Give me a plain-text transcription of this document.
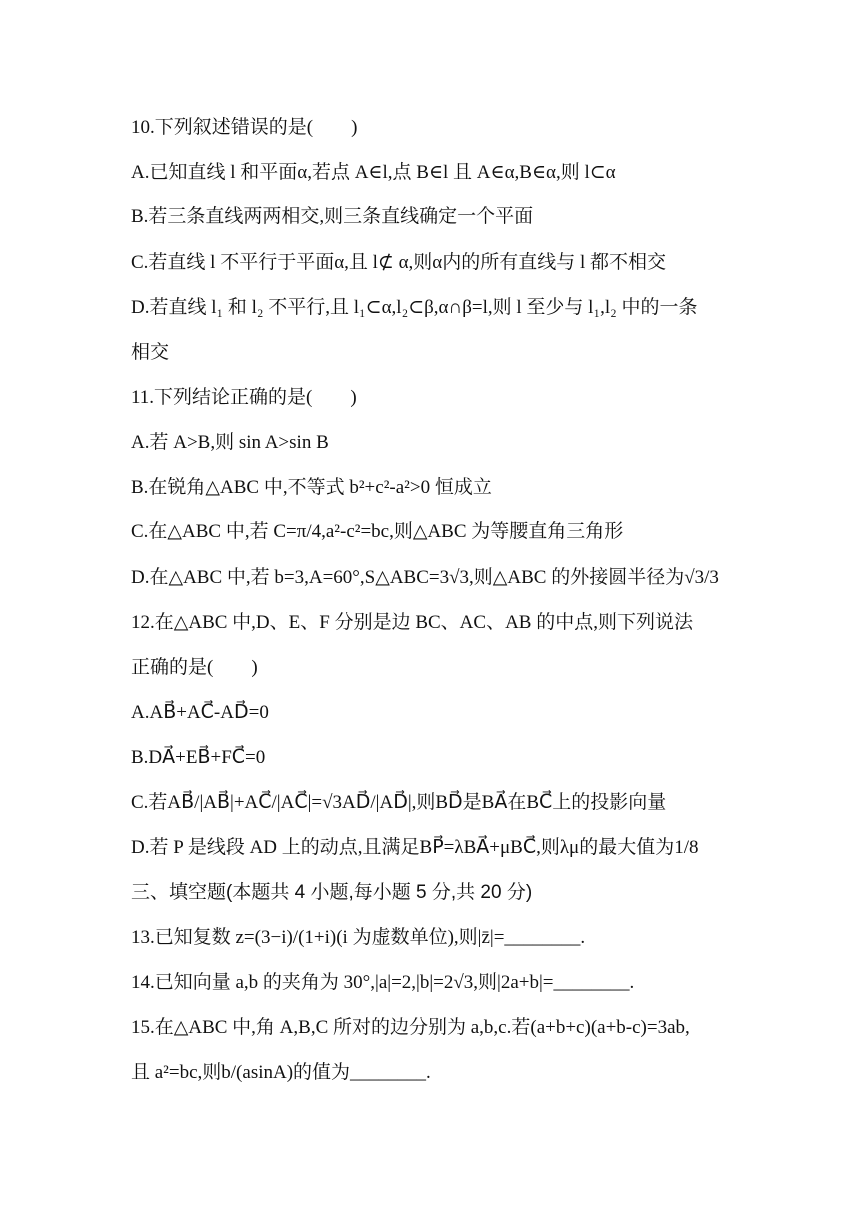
10.下列叙述错误的是(　　)
A.已知直线 l 和平面α,若点 A∈l,点 B∈l 且 A∈α,B∈α,则 l⊂α
B.若三条直线两两相交,则三条直线确定一个平面
C.若直线 l 不平行于平面α,且 l⊄ α,则α内的所有直线与 l 都不相交
D.若直线 l₁ 和 l₂ 不平行,且 l₁⊂α,l₂⊂β,α∩β=l,则 l 至少与 l₁,l₂ 中的一条
相交
11.下列结论正确的是(　　)
A.若 A>B,则 sin A>sin B
B.在锐角△ABC 中,不等式 b²+c²-a²>0 恒成立
C.在△ABC 中,若 C=π/4,a²-c²=bc,则△ABC 为等腰直角三角形
D.在△ABC 中,若 b=3,A=60°,S△ABC=3√3,则△ABC 的外接圆半径为√3/3
12.在△ABC 中,D、E、F 分别是边 BC、AC、AB 的中点,则下列说法
正确的是(　　)
A.AB⃗+AC⃗-AD⃗=0
B.DA⃗+EB⃗+FC⃗=0
C.若AB⃗/|AB⃗|+AC⃗/|AC⃗|=√3AD⃗/|AD⃗|,则BD⃗是BA⃗在BC⃗上的投影向量
D.若 P 是线段 AD 上的动点,且满足BP⃗=λBA⃗+μBC⃗,则λμ的最大值为1/8
三、填空题(本题共 4 小题,每小题 5 分,共 20 分)
13.已知复数 z=(3−i)/(1+i)(i 为虚数单位),则|z̄|=________.
14.已知向量 a,b 的夹角为 30°,|a|=2,|b|=2√3,则|2a+b|=________.
15.在△ABC 中,角 A,B,C 所对的边分别为 a,b,c.若(a+b+c)(a+b-c)=3ab,
且 a²=bc,则b/(asinA)的值为________.
